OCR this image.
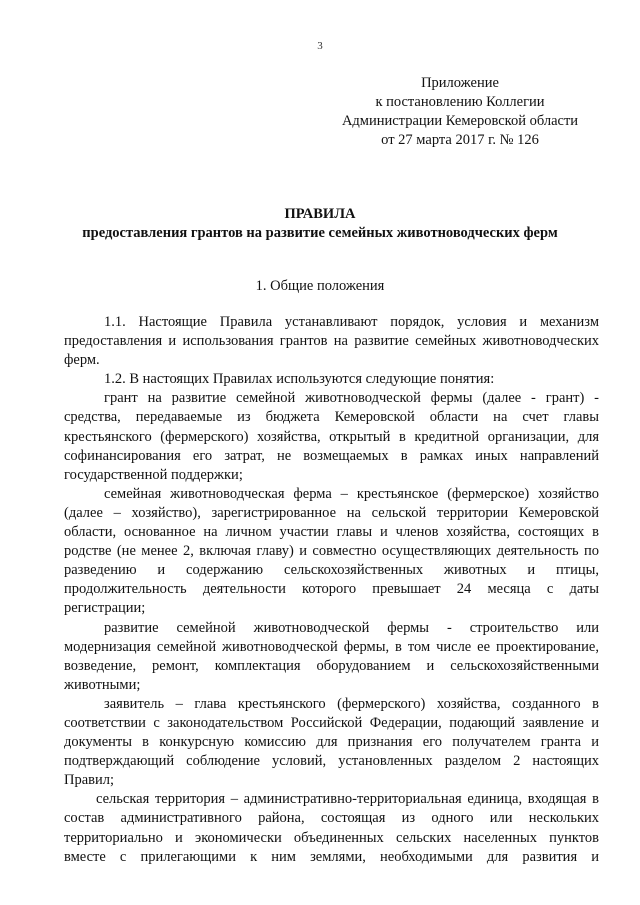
3
Приложение
к постановлению Коллегии
Администрации Кемеровской области
от 27 марта 2017 г. № 126
ПРАВИЛА
предоставления грантов на развитие семейных животноводческих ферм
1. Общие положения
1.1. Настоящие Правила устанавливают порядок, условия и механизм
предоставления и использования грантов на развитие семейных животноводческих
ферм.
1.2. В настоящих Правилах используются следующие понятия:
грант на развитие семейной животноводческой фермы (далее - грант) -
средства, передаваемые из бюджета Кемеровской области на счет главы
крестьянского (фермерского) хозяйства, открытый в кредитной организации, для
софинансирования его затрат, не возмещаемых в рамках иных направлений
государственной поддержки;
семейная животноводческая ферма – крестьянское (фермерское) хозяйство
(далее – хозяйство), зарегистрированное на сельской территории Кемеровской
области, основанное на личном участии главы и членов хозяйства, состоящих в
родстве (не менее 2, включая главу) и совместно осуществляющих деятельность по
разведению и содержанию сельскохозяйственных животных и птицы,
продолжительность деятельности которого превышает 24 месяца с даты
регистрации;
развитие семейной животноводческой фермы - строительство или
модернизация семейной животноводческой фермы, в том числе ее проектирование,
возведение, ремонт, комплектация оборудованием и сельскохозяйственными
животными;
заявитель – глава крестьянского (фермерского) хозяйства, созданного в
соответствии с законодательством Российской Федерации, подающий заявление и
документы в конкурсную комиссию для признания его получателем гранта и
подтверждающий соблюдение условий, установленных разделом 2 настоящих
Правил;
сельская территория – административно-территориальная единица, входящая в
состав административного района, состоящая из одного или нескольких
территориально и экономически объединенных сельских населенных пунктов
вместе с прилегающими к ним землями, необходимыми для развития и
